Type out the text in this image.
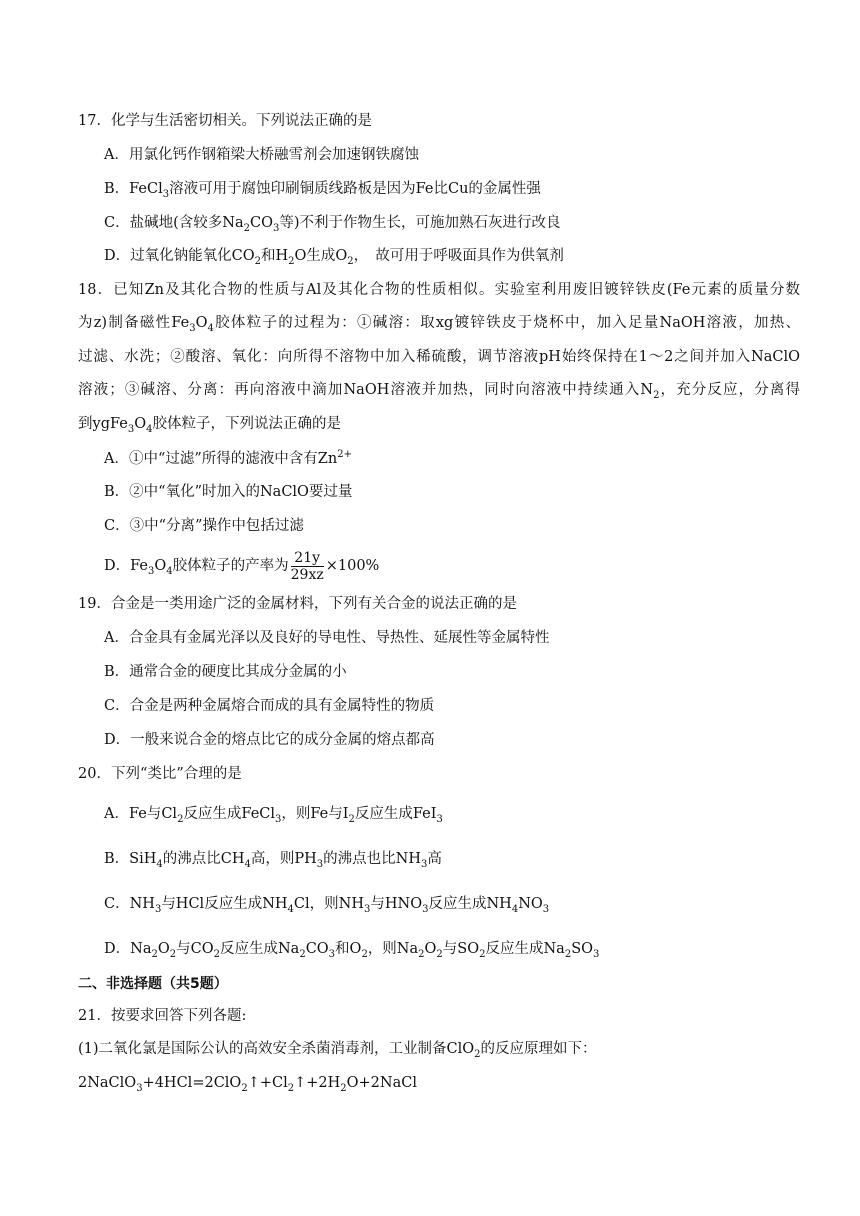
17．化学与生活密切相关。下列说法正确的是
A．用氯化钙作钢箱梁大桥融雪剂会加速钢铁腐蚀
B．FeCl$_3$溶液可用于腐蚀印刷铜质线路板是因为Fe比Cu的金属性强
C．盐碱地(含较多$Na_2CO_3$等)不利于作物生长，可施加熟石灰进行改良
D．过氧化钠能氧化$CO_2$和$H_2O$生成$O_2$，　故可用于呼吸面具作为供氧剂
18．已知Zn及其化合物的性质与Al及其化合物的性质相似。实验室利用废旧镀锌铁皮(Fe元素的质量分数
为z)制备磁性$Fe_3O_4$胶体粒子的过程为：①碱溶：取xg镀锌铁皮于烧杯中，加入足量NaOH溶液，加热、
过滤、水洗；②酸溶、氧化：向所得不溶物中加入稀硫酸，调节溶液pH始终保持在1～2之间并加入NaClO
溶液；③碱溶、分离：再向溶液中滴加NaOH溶液并加热，同时向溶液中持续通入$N_2$，充分反应，分离得
到$ygFe_3O_4$胶体粒子，下列说法正确的是
A．①中“过滤”所得的滤液中含有$Zn^{2+}$
B．②中“氧化”时加入的NaClO要过量
C．③中“分离”操作中包括过滤
D．$Fe_3O_4$胶体粒子的产率为 $\frac{21y}{29xz} \times 100\%$
19．合金是一类用途广泛的金属材料，下列有关合金的说法正确的是
A．合金具有金属光泽以及良好的导电性、导热性、延展性等金属特性
B．通常合金的硬度比其成分金属的小
C．合金是两种金属熔合而成的具有金属特性的物质
D．一般来说合金的熔点比它的成分金属的熔点都高
20．下列“类比”合理的是
A．Fe与$Cl_2$反应生成FeCl$_3$，则Fe与$I_2$反应生成FeI$_3$
B．SiH$_4$的沸点比$CH_4$高，则$PH_3$的沸点也比$NH_3$高
C．$NH_3$与HCl反应生成$NH_4Cl$，则$NH_3$与$HNO_3$反应生成$NH_4NO_3$
D．$Na_2O_2$与$CO_2$反应生成$Na_2CO_3$和$O_2$，则$Na_2O_2$与$SO_2$反应生成$Na_2SO_3$
二、非选择题（共5题）
21．按要求回答下列各题:
(1)二氧化氯是国际公认的高效安全杀菌消毒剂，工业制备ClO$_2$的反应原理如下：
$2NaClO_3+4HCl=2ClO_2↑+Cl_2↑+2H_2O+2NaCl$
